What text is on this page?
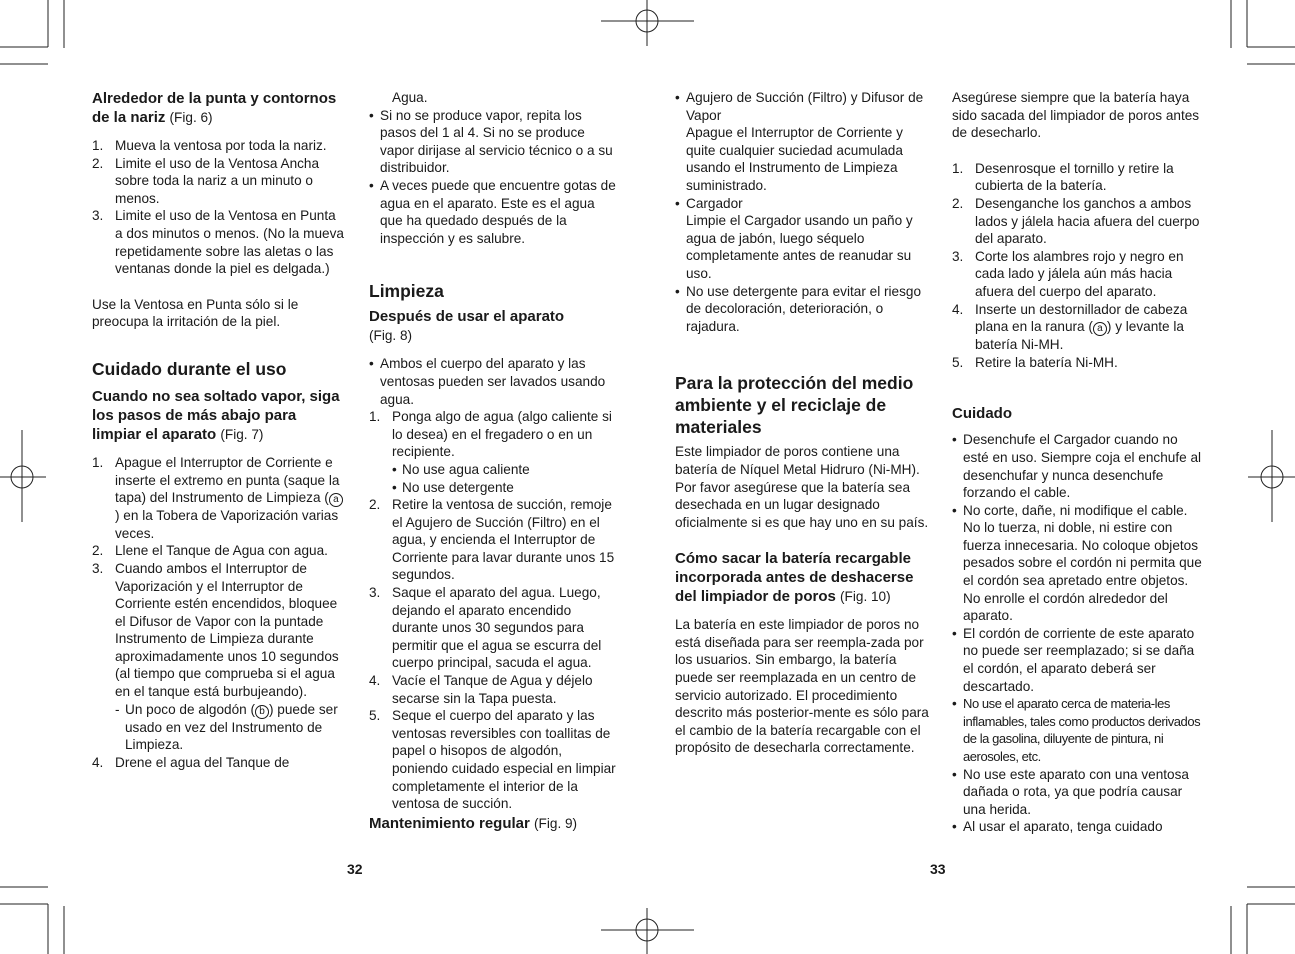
Alrededor de la punta y contornos de la nariz (Fig. 6)
1. Mueva la ventosa por toda la nariz.
2. Limite el uso de la Ventosa Ancha sobre toda la nariz a un minuto o menos.
3. Limite el uso de la Ventosa en Punta a dos minutos o menos. (No la mueva repetidamente sobre las aletas o las ventanas donde la piel es delgada.)

Use la Ventosa en Punta sólo si le preocupa la irritación de la piel.

Cuidado durante el uso
Cuando no sea soltado vapor, siga los pasos de más abajo para limpiar el aparato (Fig. 7)
1. Apague el Interruptor de Corriente e inserte el extremo en punta (saque la tapa) del Instrumento de Limpieza ( a) en la Tobera de Vaporización varias veces.
2. Llene el Tanque de Agua con agua.
3. Cuando ambos el Interruptor de Vaporización y el Interruptor de Corriente estén encendidos, bloquee el Difusor de Vapor con la puntade Instrumento de Limpieza durante aproximadamente unos 10 segundos (al tiempo que comprueba si el agua en el tanque está burbujeando).
- Un poco de algodón ( b ) puede ser usado en vez del Instrumento de Limpieza.
4. Drene el agua del Tanque de

Agua.

• Si no se produce vapor, repita los pasos del 1 al 4. Si no se produce vapor dirijase al servicio técnico o a su distribuidor.
• A veces puede que encuentre gotas de agua en el aparato. Este es el agua que ha quedado después de la inspección y es salubre.
Limpieza
Después de usar el aparato
(Fig. 8)
• Ambos el cuerpo del aparato y las ventosas pueden ser lavados usando agua.
1. Ponga algo de agua (algo caliente si lo desea) en el fregadero o en un recipiente.
• No use agua caliente
• No use detergente
2. Retire la ventosa de succión, remoje el Agujero de Succión (Filtro) en el agua, y encienda el Interruptor de Corriente para lavar durante unos 15 segundos.
3. Saque el aparato del agua. Luego, dejando el aparato encendido durante unos 30 segundos para permitir que el agua se escurra del cuerpo principal, sacuda el agua.
4. Vacíe el Tanque de Agua y déjelo secarse sin la Tapa puesta.
5. Seque el cuerpo del aparato y las ventosas reversibles con toallitas de papel o hisopos de algodón, poniendo cuidado especial en limpiar completamente el interior de la ventosa de succión.
Mantenimiento regular (Fig. 9)
• Agujero de Succión (Filtro) y Difusor de Vapor
Apague el Interruptor de Corriente y quite cualquier suciedad acumulada usando el Instrumento de Limpieza suministrado.
• Cargador
Limpie el Cargador usando un paño y agua de jabón, luego séquelo completamente antes de reanudar su uso.
• No use detergente para evitar el riesgo de decoloración, deterioración, o rajadura.
Para la protección del medio ambiente y el reciclaje de materiales

Este limpiador de poros contiene una batería de Níquel Metal Hidruro (Ni-MH).

Por favor asegúrese que la batería sea desechada en un lugar designado oficialmente si es que hay uno en su país.

Cómo sacar la batería recargable incorporada antes de deshacerse del limpiador de poros (Fig. 10)

La batería en este limpiador de poros no está diseñada para ser reempla-zada por los usuarios. Sin embargo, la batería puede ser reemplazada en un centro de servicio autorizado. El procedimiento descrito más posterior-mente es sólo para el cambio de la batería recargable con el propósito de desecharla correctamente.

Asegúrese siempre que la batería haya sido sacada del limpiador de poros antes de desecharlo.

1. Desenrosque el tornillo y retire la cubierta de la batería.
2. Desenganche los ganchos a ambos lados y jálela hacia afuera del cuerpo del aparato.
3. Corte los alambres rojo y negro en cada lado y jálela aún más hacia afuera del cuerpo del aparato.
4. Inserte un destornillador de cabeza plana en la ranura ( a ) y levante la batería Ni-MH.
5. Retire la batería Ni-MH.
Cuidado
• Desenchufe el Cargador cuando no esté en uso. Siempre coja el enchufe al desenchufar y nunca desenchufe forzando el cable.
• No corte, dañe, ni modifique el cable. No lo tuerza, ni doble, ni estire con fuerza innecesaria. No coloque objetos pesados sobre el cordón ni permita que el cordón sea apretado entre objetos. No enrolle el cordón alrededor del aparato.
• El cordón de corriente de este aparato no puede ser reemplazado; si se daña el cordón, el aparato deberá ser descartado.
• No use el aparato cerca de materia-les inflamables, tales como productos derivados de la gasolina, diluyente de pintura, ni aerosoles, etc.
• No use este aparato con una ventosa dañada o rota, ya que podría causar una herida.
• Al usar el aparato, tenga cuidado
32	33
